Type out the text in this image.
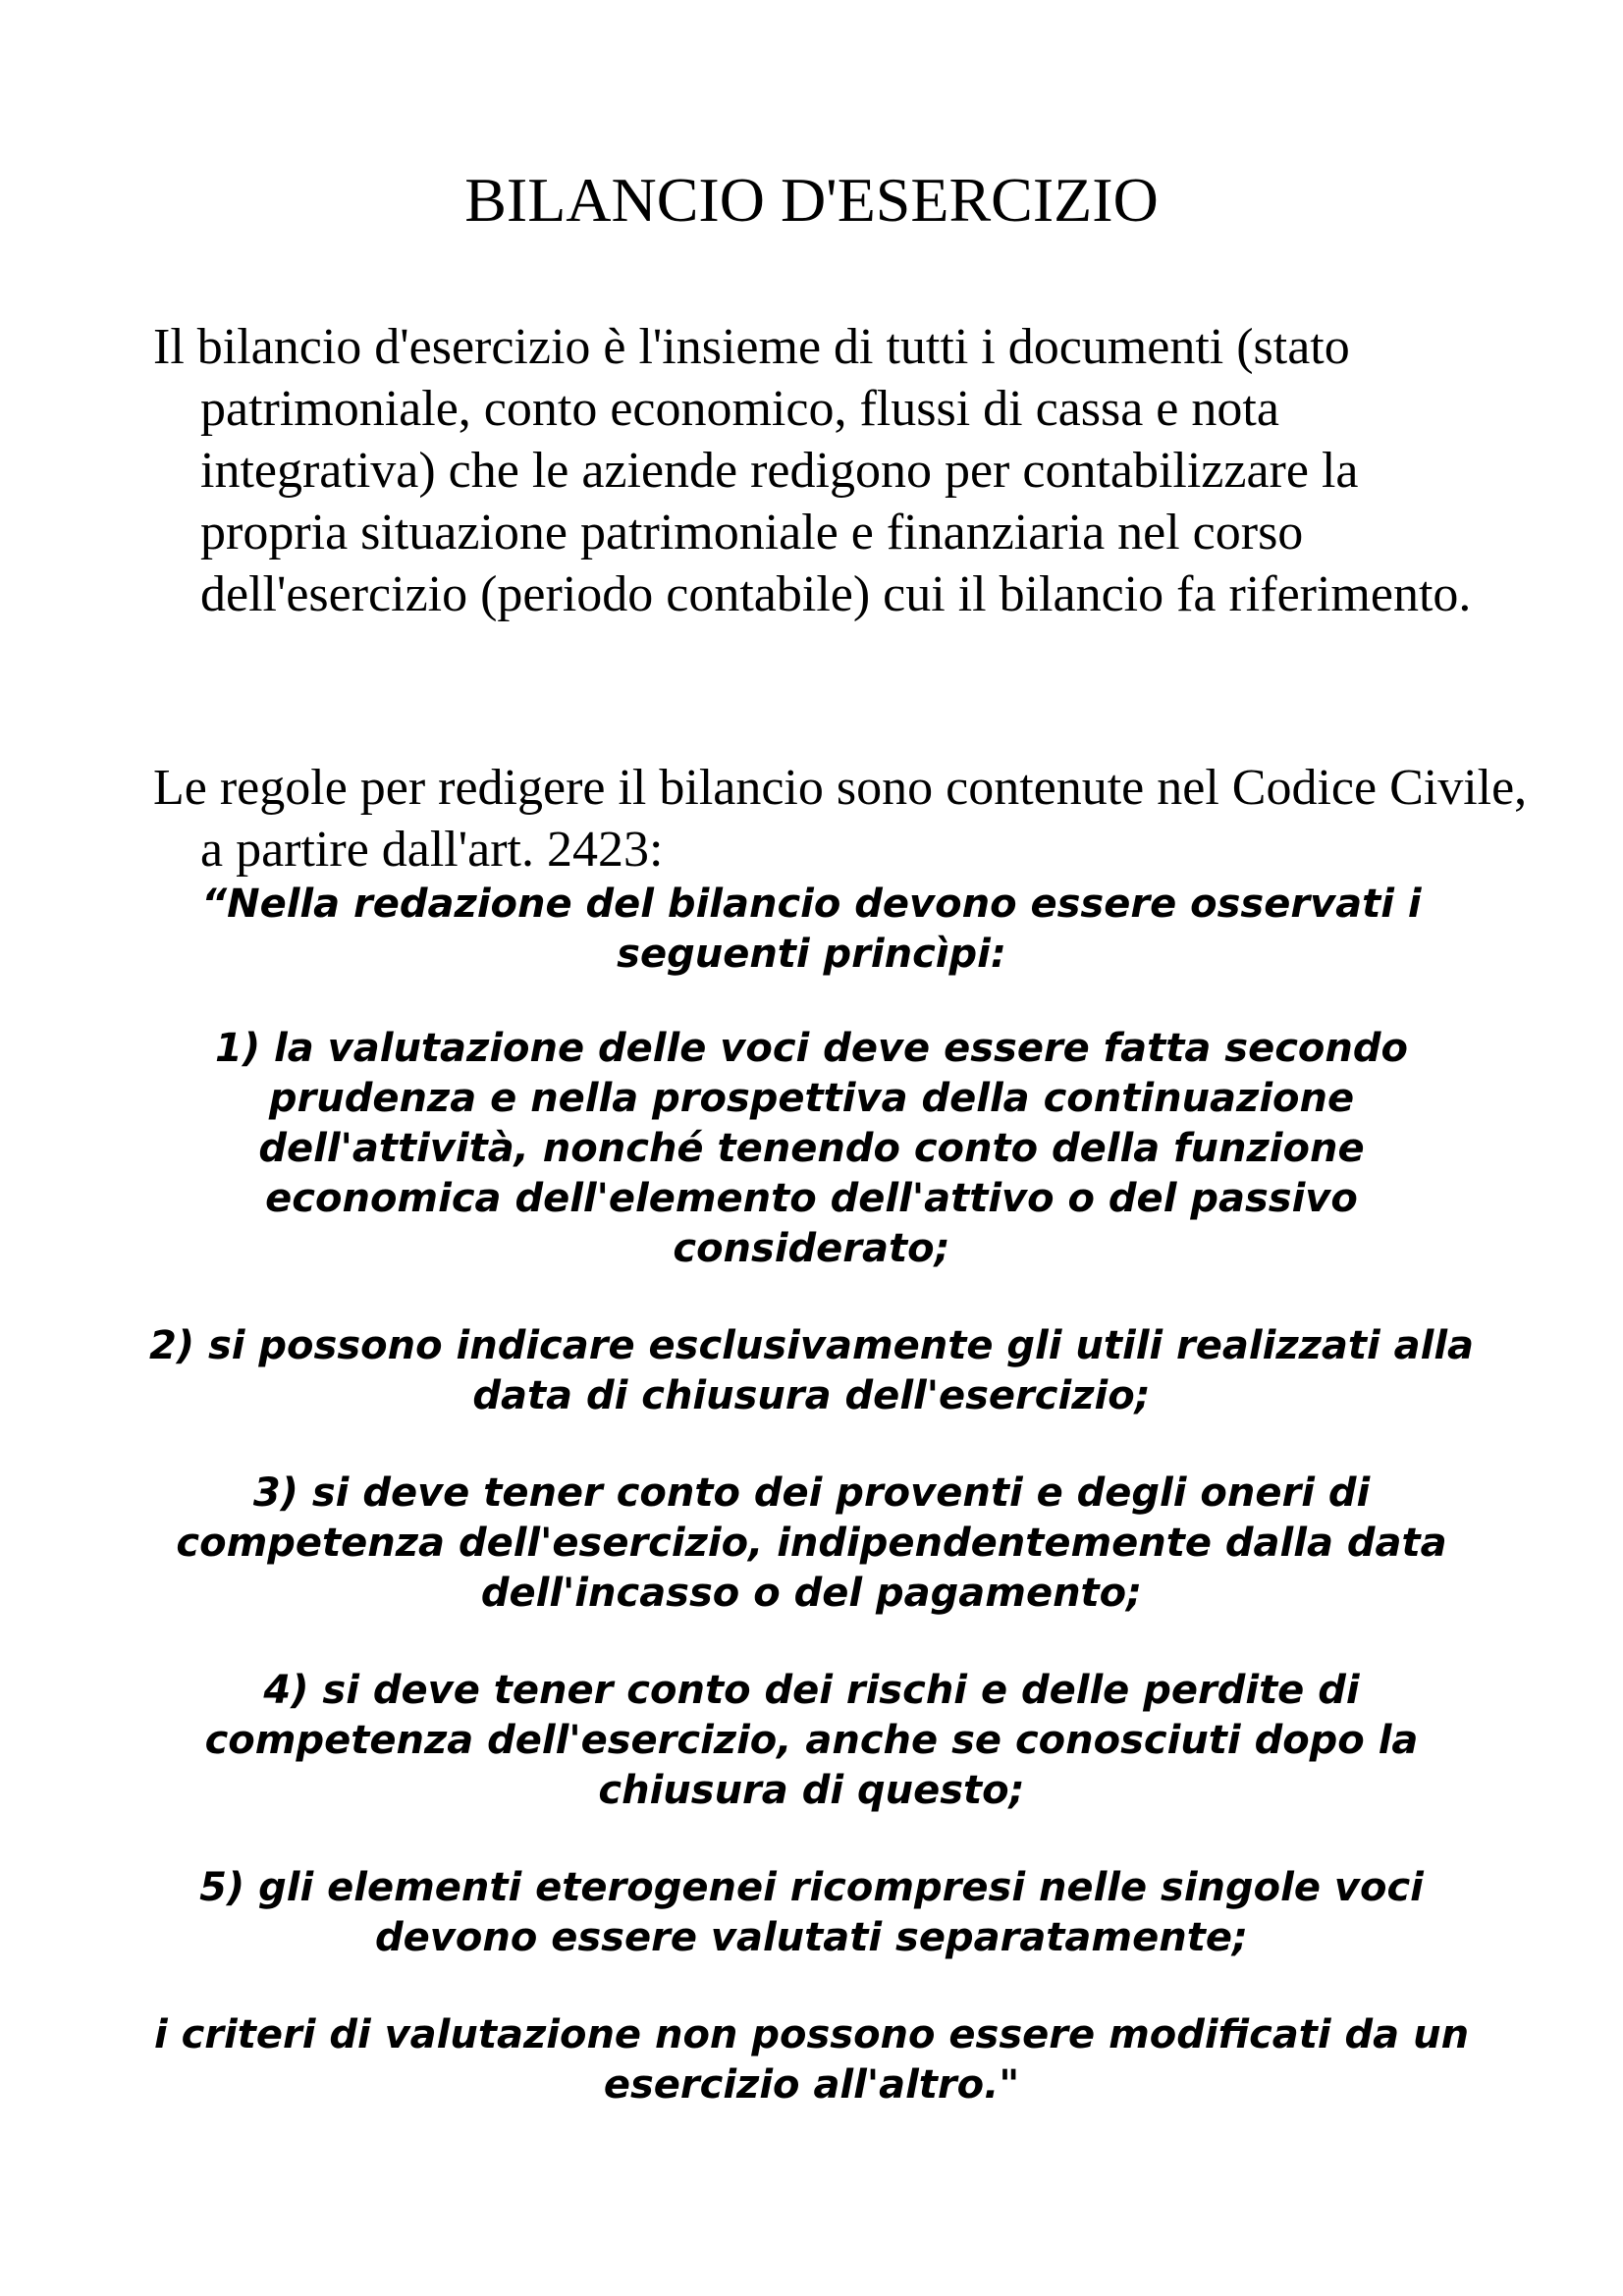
BILANCIO D'ESERCIZIO

Il bilancio d'esercizio è l'insieme di tutti i documenti (stato patrimoniale, conto economico, flussi di cassa e nota integrativa) che le aziende redigono per contabilizzare la propria situazione patrimoniale e finanziaria nel corso dell'esercizio (periodo contabile) cui il bilancio fa riferimento.

Le regole per redigere il bilancio sono contenute nel Codice Civile, a partire dall'art. 2423:

“Nella redazione del bilancio devono essere osservati i seguenti princìpi:

1) la valutazione delle voci deve essere fatta secondo prudenza e nella prospettiva della continuazione dell'attività, nonché tenendo conto della funzione economica dell'elemento dell'attivo o del passivo considerato;

2) si possono indicare esclusivamente gli utili realizzati alla data di chiusura dell'esercizio;

3) si deve tener conto dei proventi e degli oneri di competenza dell'esercizio, indipendentemente dalla data dell'incasso o del pagamento;

4) si deve tener conto dei rischi e delle perdite di competenza dell'esercizio, anche se conosciuti dopo la chiusura di questo;

5) gli elementi eterogenei ricompresi nelle singole voci devono essere valutati separatamente;

i criteri di valutazione non possono essere modificati da un esercizio all'altro."
